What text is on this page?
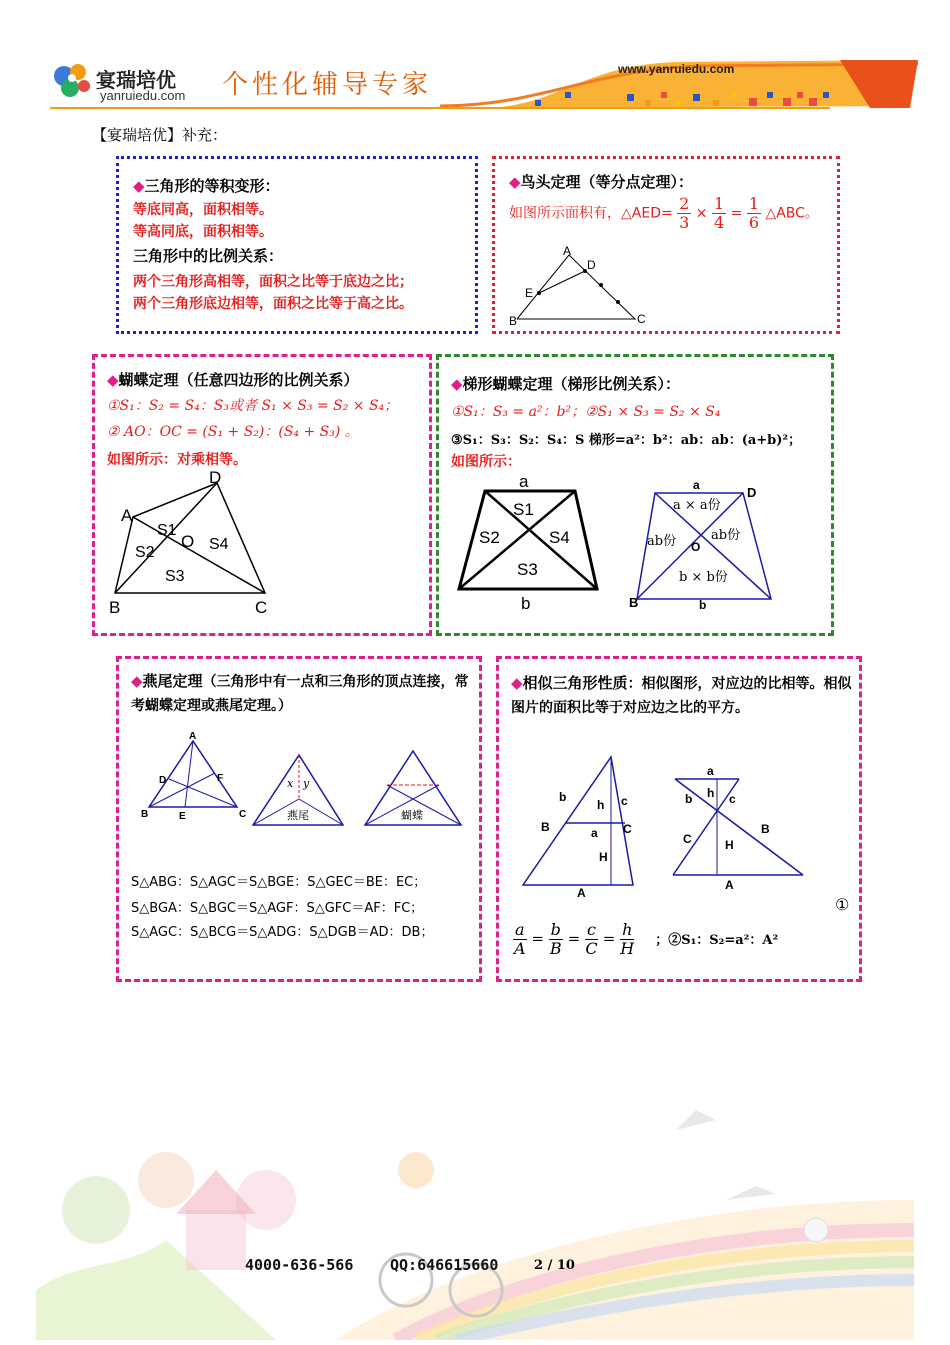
宴瑞培优
yanruiedu.com 个性化辅导专家
www.yanruiedu.com
【宴瑞培优】补充：
◆三角形的等积变形：
等底同高，面积相等。
等高同底，面积相等。
三角形中的比例关系：
两个三角形高相等，面积之比等于底边之比；
两个三角形底边相等，面积之比等于高之比。
◆鸟头定理（等分点定理）：
如图所示面积有，△AED= $\frac{2}{3} \times \frac{1}{4} = \frac{1}{6}$ △ABC。
A
D
E
B	C
◆蝴蝶定理（任意四边形的比例关系）
①S₁：S₂ = S₄：S₃或者 S₁ × S₃ = S₂ × S₄；
② AO：OC = (S₁ + S₂)：(S₄ + S₃) 。
如图所示：对乘相等。
A
D
B	C
O
S1
S2
S3
S4
◆梯形蝴蝶定理（梯形比例关系）：
①S₁：S₃ = a²：b²；②S₁ × S₃ = S₂ × S₄
③S₁：S₃：S₂：S₄：S 梯形=a²：b²：ab：ab：(a+b)²；
如图所示：
a
b
S1
S2	S4
S3
a	D
B	b
O
a × a份
ab份	ab份
b × b份
◆燕尾定理（三角形中有一点和三角形的顶点连接，常考蝴蝶定理或燕尾定理。）
A
D	F
B	E	C
x y
燕尾	蝴蝶
S△ABG：S△AGC＝S△BGE：S△GEC＝BE：EC；
S△BGA：S△BGC＝S△AGF：S△GFC＝AF：FC；
S△AGC：S△BCG＝S△ADG：S△DGB＝AD：DB；
◆相似三角形性质：相似图形，对应边的比相等。相似图片的面积比等于对应边之比的平方。
b
h c
a
B	C
H
A
a
b h c
C	H
B
A
①
$\frac{a}{A} = \frac{b}{B} = \frac{c}{C} = \frac{h}{H}$ ；②S₁：S₂=a²：A²
4000-636-566 QQ:646615660	2 / 10
